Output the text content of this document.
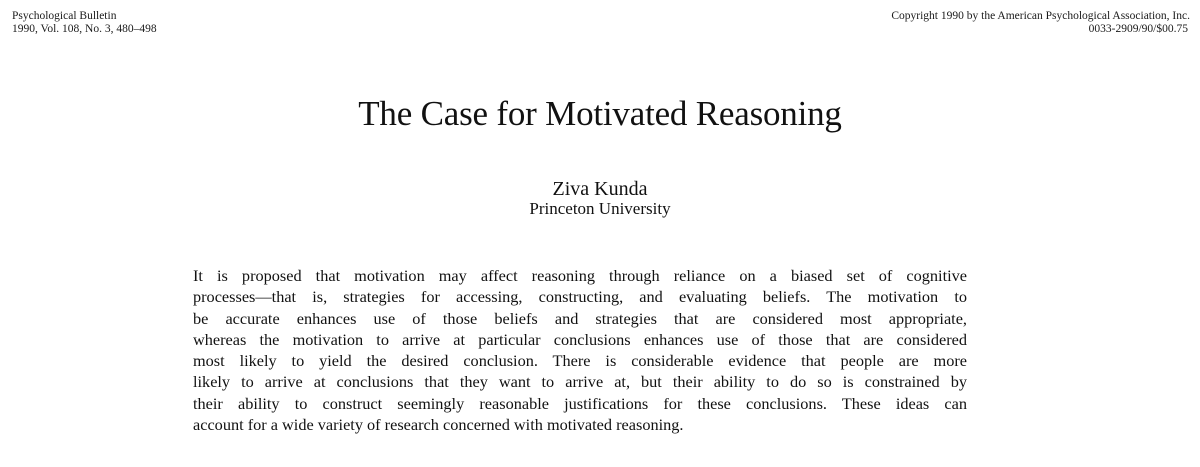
Psychological Bulletin
1990, Vol. 108, No. 3, 480–498
Copyright 1990 by the American Psychological Association, Inc.
0033-2909/90/$00.75
The Case for Motivated Reasoning
Ziva Kunda
Princeton University
It is proposed that motivation may affect reasoning through reliance on a biased set of cognitive
processes—that is, strategies for accessing, constructing, and evaluating beliefs. The motivation to
be accurate enhances use of those beliefs and strategies that are considered most appropriate,
whereas the motivation to arrive at particular conclusions enhances use of those that are considered
most likely to yield the desired conclusion. There is considerable evidence that people are more
likely to arrive at conclusions that they want to arrive at, but their ability to do so is constrained by
their ability to construct seemingly reasonable justifications for these conclusions. These ideas can
account for a wide variety of research concerned with motivated reasoning.
